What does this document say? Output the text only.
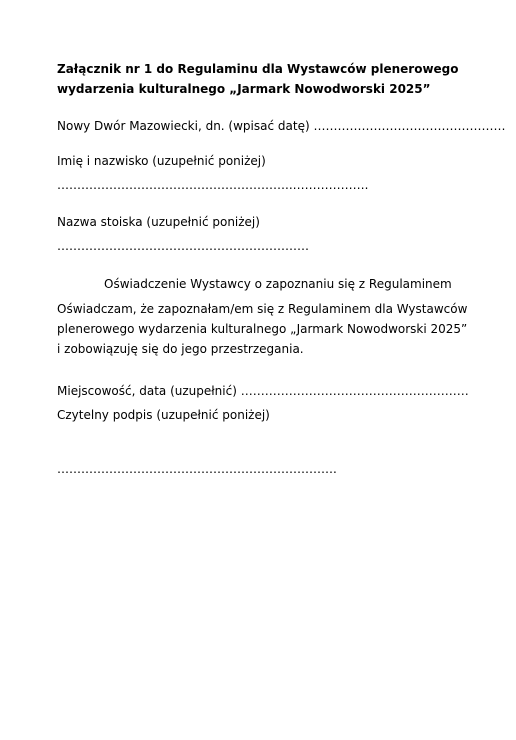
Załącznik nr 1 do Regulaminu dla Wystawców plenerowego
wydarzenia kulturalnego „Jarmark Nowodworski 2025”
Nowy Dwór Mazowiecki, dn. (wpisać datę) …………………………………………
Imię i nazwisko (uzupełnić poniżej)
…………………………………………………..……………….
Nazwa stoiska (uzupełnić poniżej)
………………………………………………………
Oświadczenie Wystawcy o zapoznaniu się z Regulaminem
Oświadczam, że zapoznałam/em się z Regulaminem dla Wystawców
plenerowego wydarzenia kulturalnego „Jarmark Nowodworski 2025”
i zobowiązuję się do jego przestrzegania.
Miejscowość, data (uzupełnić) …………………………………………………
Czytelny podpis (uzupełnić poniżej)
…………………………………………………………….
